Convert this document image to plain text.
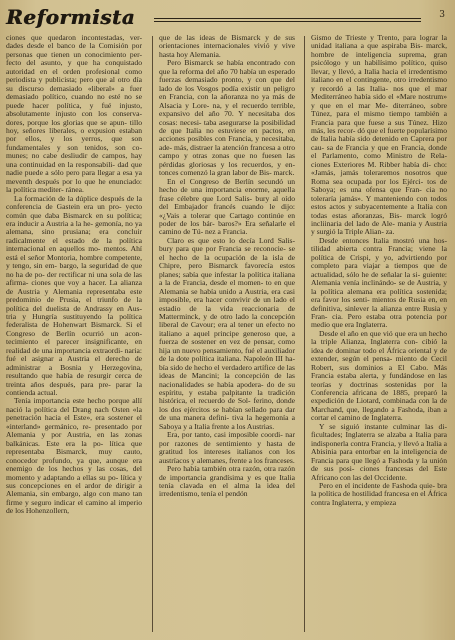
Reformista	3

ciones que quedaron incontestadas, ver- dades desde el banco de la Comisión por personas que tienen un conocimiento per- fecto del asunto, y que ha conquistado autoridad en el orden profesional como periodista y publicista; pero que al otro día su discurso demasiado «liberal» a fuer demasiado político, cuando no esté no se puede hacer política, y fué injusto, absolutamente injusto con los conserva- dores, porque los glorias que se apun- tillo hoy, señores liberales, o expusion estaban por ellos, y los yerros, que son fundamentales y son tenidos, son co- munes; no cabe desliudir de campos, hay una continuidad en la responsabili- dad que nadie puede a sólo pero para llegar a esa ya meventh después por lo que he enunciado: la política mediter- ránea.

La formación de la dúplice después de la conferencia de Gastein era un pro- yecto común que daba Bismarck en su política; era inducir a Austria a la he- gemonía, no ya alemana, sino prusiana; era concluir radicalmente el estado de la política internacional en aquellos mo- mentos. Ahí está el señor Montoria, hombre competente, y tengo, sin em- bargo, la seguridad de que no ha de po- der rectificar ni una sola de las afirma- ciones que voy a hacer. La alianza de Austria y Alemania representaba este predominio de Prusia, el triunfo de la política del duelista de Andrassy en Aus- tria y Hungría sustituyendo la política federalista de Hohenwart Bismarck. Si el Congreso de Berlín ocurrió un acon- tecimiento el parecer insignificante, en realidad de una importancia extraordi- naria: fué el asignar a Austria el derecho de administrar a Bosnia y Herzegovina, resultando que había de resurgir cerca de treinta años después, para pre- parar la contienda actual.

Tenía importancia este hecho porque allí nació la política del Drang nach Osten «la penetración hacia el Este», era sostener el «interland» germánico, re- presentado por Alemania y por Austria, en las zonas balkánicas. Este era la po- lítica que representaba Bismarck, muy cauto, conocedor profundo, ya que, aunque era enemigo de los hechos y las cosas, del momento y adaptando a ellas su po- lítica y sus concepciones en el ardor de dirigir a Alemania, sin embargo, algo con mano tan firme y seguro indicar el camino al imperio de los Hohenzollern,

que de las ideas de Bismarck y de sus orientaciones internacionales vivió y vive hasta hoy Alemania.

Pero Bismarck se había encontrado con que la reforma del año 70 había un esperado fuerzas demasiado pronto, y con que del lado de los Vosgos podía existir un peligro en Francia, con la añoranza no ya más de Alsacia y Lore- na, y el recuerdo terrible, expansivo del año 70. Y necesitaba dos cosas: necesi- taba asegurarse la posibilidad de que Italia no estuviese en pactos, en acciones posibles con Francia, y necesitaba, ade- más, distraer la atención francesa a otro campo y otras zonas que no fuesen las pérdidas gloriosas y los recuerdos, y en- tonces comenzó la gran labor de Bis- marck.

En el Congreso de Berlín secundó un hecho de una importancia enorme, aquella frase célebre que Lord Salis- bury al oído del Embajador francés cuando le dijo: «¿Vais a tolerar que Cartago continúe en poder de los bár- baros?» Era señalarle el camino de Tú- nez a Francia.

Claro es que esto lo decía Lord Salis- bury para que por Francia se reconocie- se el hecho de la ocupación de la isla de Chipre, pero Bismarck favorecía estos planes; sabía que infestar la política italiana a la de Francia, desde el momen- to en que Alemania se había unido a Austria, era casi imposible, era hacer convivir de un lado el estadio de la vida reaccionaria de Matterminck, y de otro lado la concepción liberal de Cavour; era al tener un efecto no italiano a aquel principe generoso que, a fuerza de sostener en vez de pensar, como hija un nuevo pensamiento, fué el auxiliador de la dote política italiana. Napoleón III ha- bía sido de hecho el verdadero artífice de las ideas de Mancini; la concepción de las nacionalidades se había apodera- do de su espíritu, y estaba palpitante la tradición histórica, el recuerdo de Sol- ferino, donde los dos ejércitos se habían sellado para dar de una manera defini- tiva la hegemonía a Saboya y a Italia frente a los Austrias.

Era, por tanto, casi imposible coordi- nar por razones de sentimiento y hasta de gratitud los intereses italianos con los austríacos y alemanes, frente a los franceses.

Pero había también otra razón, otra razón de importancia grandísima y es que Italia tenía clavada en el alma la idea del irredentismo, tenía el pendón

Gismo de Trieste y Trento, para lograr la unidad italiana a que aspiraba Bis- marck, hombre de inteligencia suprema, gran psicólogo y un habilísimo político, quiso llevar, y llevó, a Italia hacia el irredentismo italiano en el contingente, otro irredentismo y recordó a las Italia- nos que el mar Mediterráneo había sido el «Mare nostrum» y que en el mar Me- diterráneo, sobre Túnez, para el mismo tiempo también a Francia para que fuese a sus Túnez. Hizo más, les recor- dó que el fuerte popularísimo de Italia había sido detenido en Caprera por cau- sa de Francia y que en Francia, donde el Parlamento, como Ministro de Rela- ciones Exteriores M. Ribber había di- cho: «Jamás, jamás toleraremos nosotros que Roma sea ocupada por los Ejérci- tos de Saboya; es una ofensa que Fran- cia no toleraría jamás». Y manteniendo con todos estos actos y subyacentemente a Italia con todas estas añoranzas, Bis- marck logró incliinaria del lado de Ale- mania y Austria y surgió la Triple Alian- za.

Desde entonces Italia mostró una hos- tilidad abierta contra Francia; viene la política de Crispi, y yo, advirtiendo por completo para viajar a tiempos que de actualidad, sólo he de señalar la si- guiente: Alemania venía inclinándo- se de Austria, y la política alemana era política sostenida; era favor los senti- mientos de Rusia en, en definitiva, sinlever la alianza entre Rusia y Fran- cia. Pero estaba otra potencia por medio que era Inglaterra.

Desde el año en que vió que era un hecho la triple Alianza, Inglaterra con- cibió la idea de dominar todo el África oriental y de extender, según el pensa- miento de Cecil Robert, sus dominios a El Cabo. Más Francia estaba alerta, y fundándose en las teorías y doctrinas sostenidas por la Conferencia africana de 1885, preparó la expedición de Liotard, combinada con la de Marchand, que, llegando a Fashoda, iban a cortar el camino de Inglaterra.

Y se siguió instante culminar las di- ficultades; Inglaterra se alzaba a Italia para indisponerla contra Francia, y llevó a Italia a Abisinia para entorbar en la inteligencia de Francia para que llegó a Fashoda y la unión de sus posi- ciones francesas del Este Africano con las del Occidente.

Pero en el incidente de Fashoda quie- bra la política de hostilidad francesa en el África contra Inglaterra, y empieza
